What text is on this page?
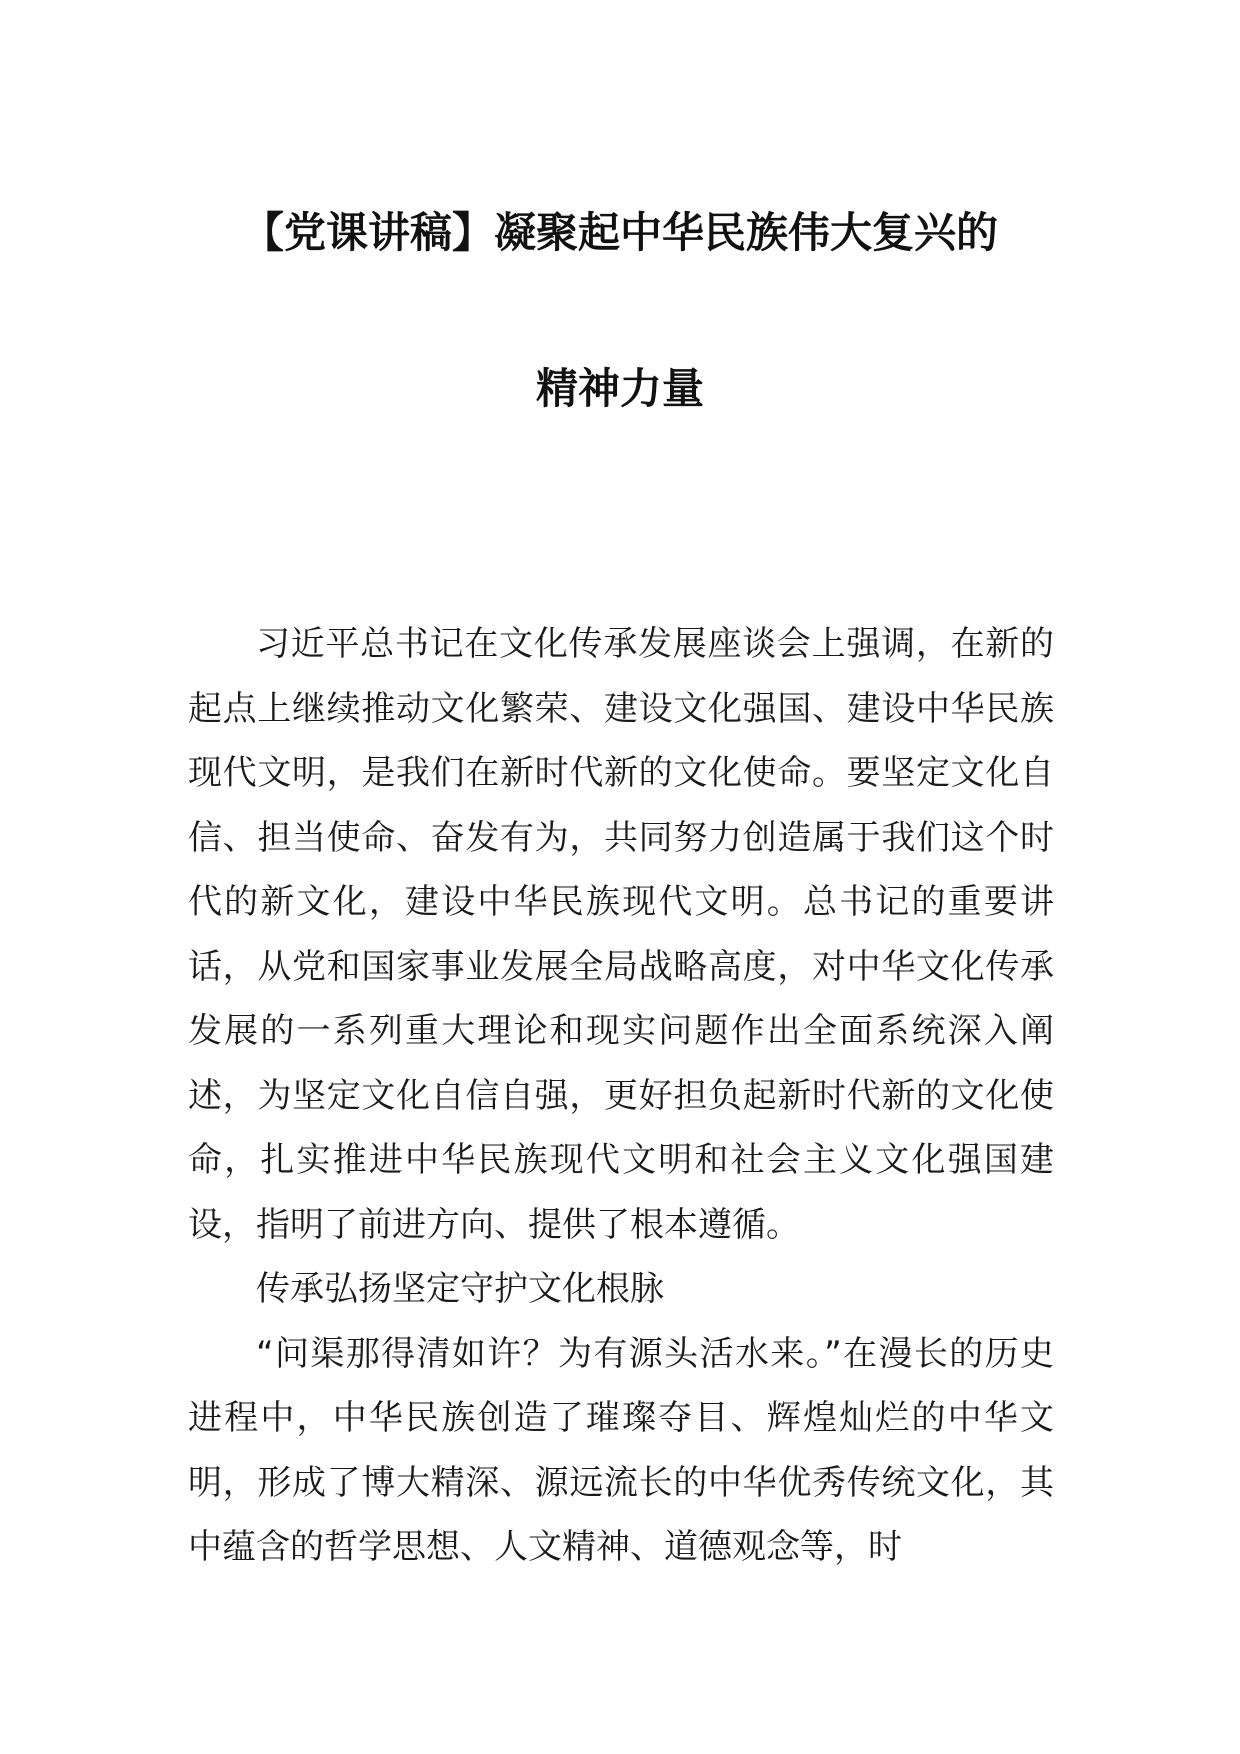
【党课讲稿】凝聚起中华民族伟大复兴的
精神力量

习近平总书记在文化传承发展座谈会上强调，在新的起点上继续推动文化繁荣、建设文化强国、建设中华民族现代文明，是我们在新时代新的文化使命。要坚定文化自信、担当使命、奋发有为，共同努力创造属于我们这个时代的新文化，建设中华民族现代文明。总书记的重要讲话，从党和国家事业发展全局战略高度，对中华文化传承发展的一系列重大理论和现实问题作出全面系统深入阐述，为坚定文化自信自强，更好担负起新时代新的文化使命，扎实推进中华民族现代文明和社会主义文化强国建设，指明了前进方向、提供了根本遵循。

传承弘扬坚定守护文化根脉

“问渠那得清如许？为有源头活水来。”在漫长的历史进程中，中华民族创造了璀璨夺目、辉煌灿烂的中华文明，形成了博大精深、源远流长的中华优秀传统文化，其中蕴含的哲学思想、人文精神、道德观念等，时
